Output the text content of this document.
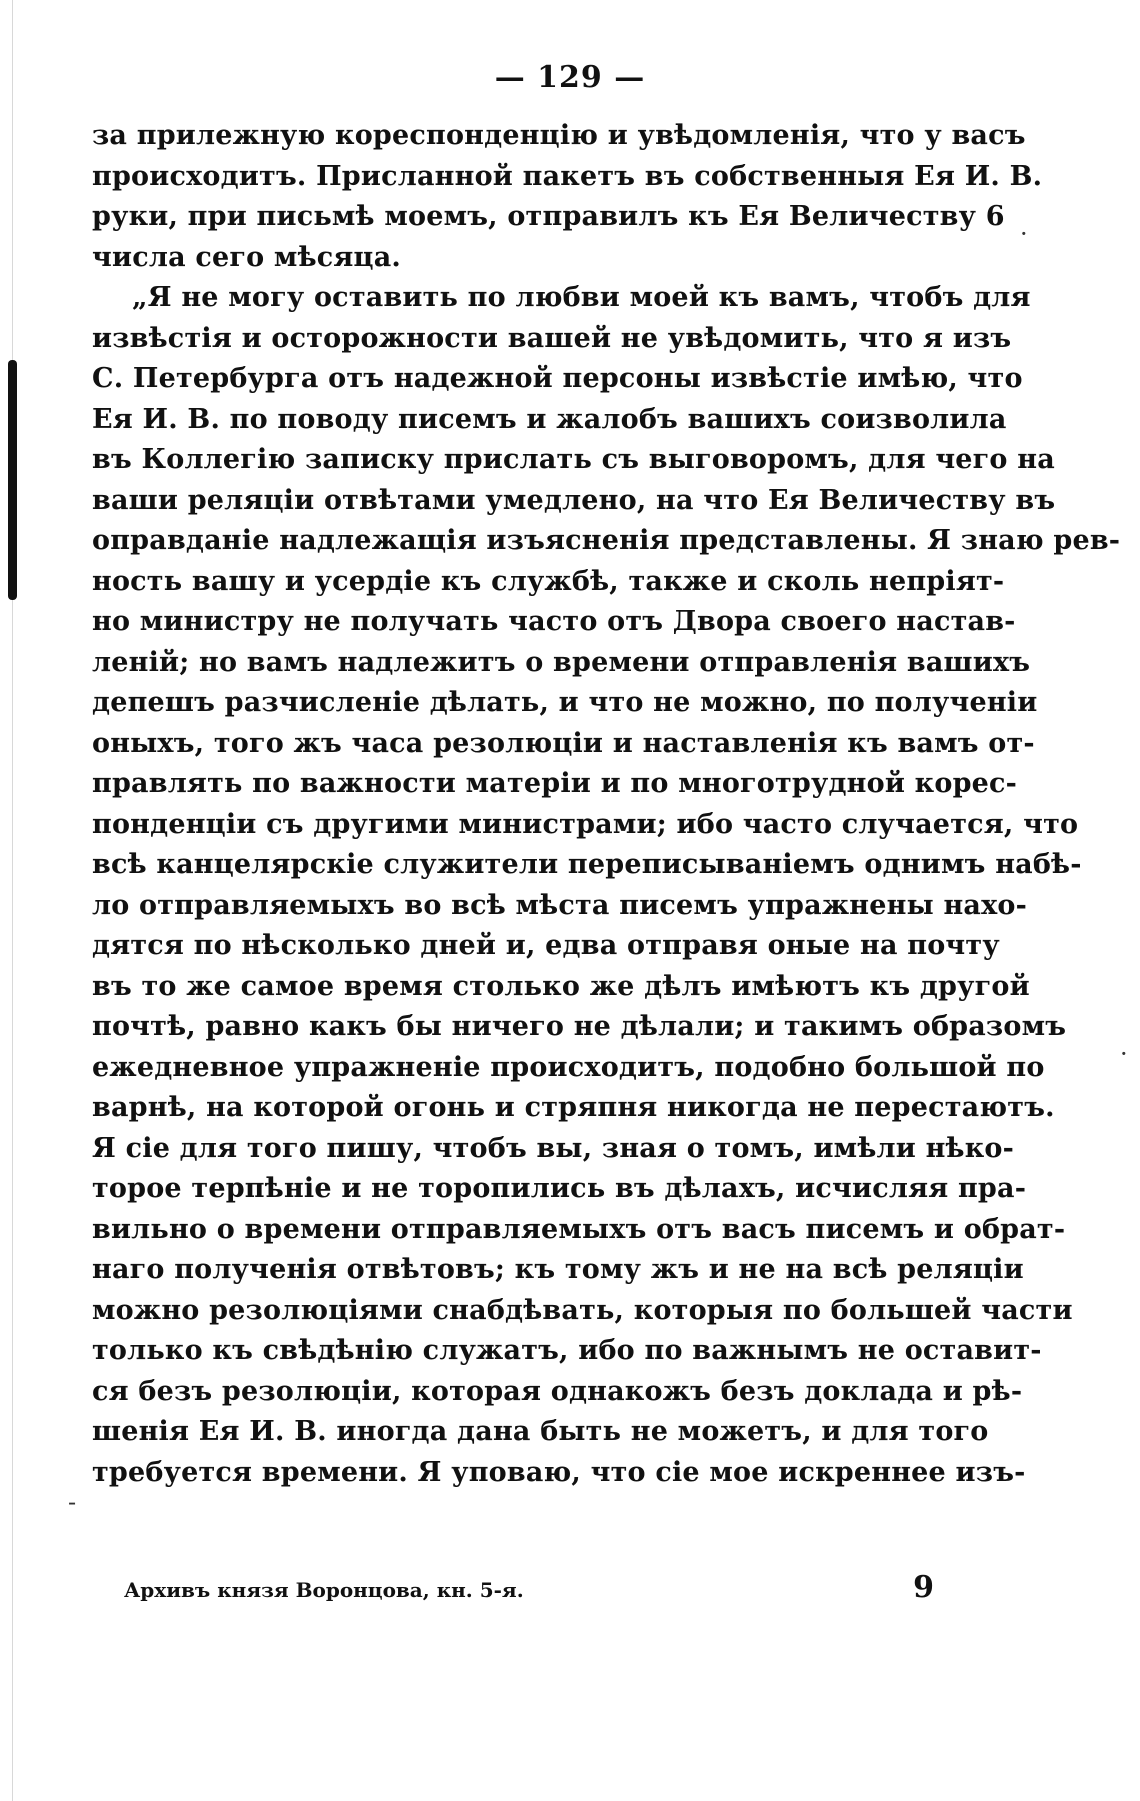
— 129 —
за прилежную кореспонденцію и увѣдомленія, что у васъ
происходитъ. Присланной пакетъ въ собственныя Ея И. В.
руки, при письмѣ моемъ, отправилъ къ Ея Величеству 6
числа сего мѣсяца.
„Я не могу оставить по любви моей къ вамъ, чтобъ для
извѣстія и осторожности вашей не увѣдомить, что я изъ
С. Петербурга отъ надежной персоны извѣстіе имѣю, что
Ея И. В. по поводу писемъ и жалобъ вашихъ соизволила
въ Коллегію записку прислать съ выговоромъ, для чего на
ваши реляціи отвѣтами умедлено, на что Ея Величеству въ
оправданіе надлежащія изъясненія представлены. Я знаю рев-
ность вашу и усердіе къ службѣ, также и сколь непріят-
но министру не получать часто отъ Двора своего настав-
леній; но вамъ надлежитъ о времени отправленія вашихъ
депешъ разчисленіе дѣлать, и что не можно, по полученіи
оныхъ, того жъ часа резолюціи и наставленія къ вамъ от-
правлять по важности матеріи и по многотрудной корес-
понденціи съ другими министрами; ибо часто случается, что
всѣ канцелярскіе служители переписываніемъ однимъ набѣ-
ло отправляемыхъ во всѣ мѣста писемъ упражнены нахо-
дятся по нѣсколько дней и, едва отправя оные на почту
въ то же самое время столько же дѣлъ имѣютъ къ другой
почтѣ, равно какъ бы ничего не дѣлали; и такимъ образомъ
ежедневное упражненіе происходитъ, подобно большой по
варнѣ, на которой огонь и стряпня никогда не перестаютъ.
Я сіе для того пишу, чтобъ вы, зная о томъ, имѣли нѣко-
торое терпѣніе и не торопились въ дѣлахъ, исчисляя пра-
вильно о времени отправляемыхъ отъ васъ писемъ и обрат-
наго полученія отвѣтовъ; къ тому жъ и не на всѣ реляціи
можно резолюціями снабдѣвать, которыя по большей части
только къ свѣдѣнію служатъ, ибо по важнымъ не оставит-
ся безъ резолюціи, которая однакожъ безъ доклада и рѣ-
шенія Ея И. В. иногда дана быть не можетъ, и для того
требуется времени. Я уповаю, что сіе мое искреннее изъ-
Архивъ князя Воронцова, кн. 5-я.	9
·
·
-
